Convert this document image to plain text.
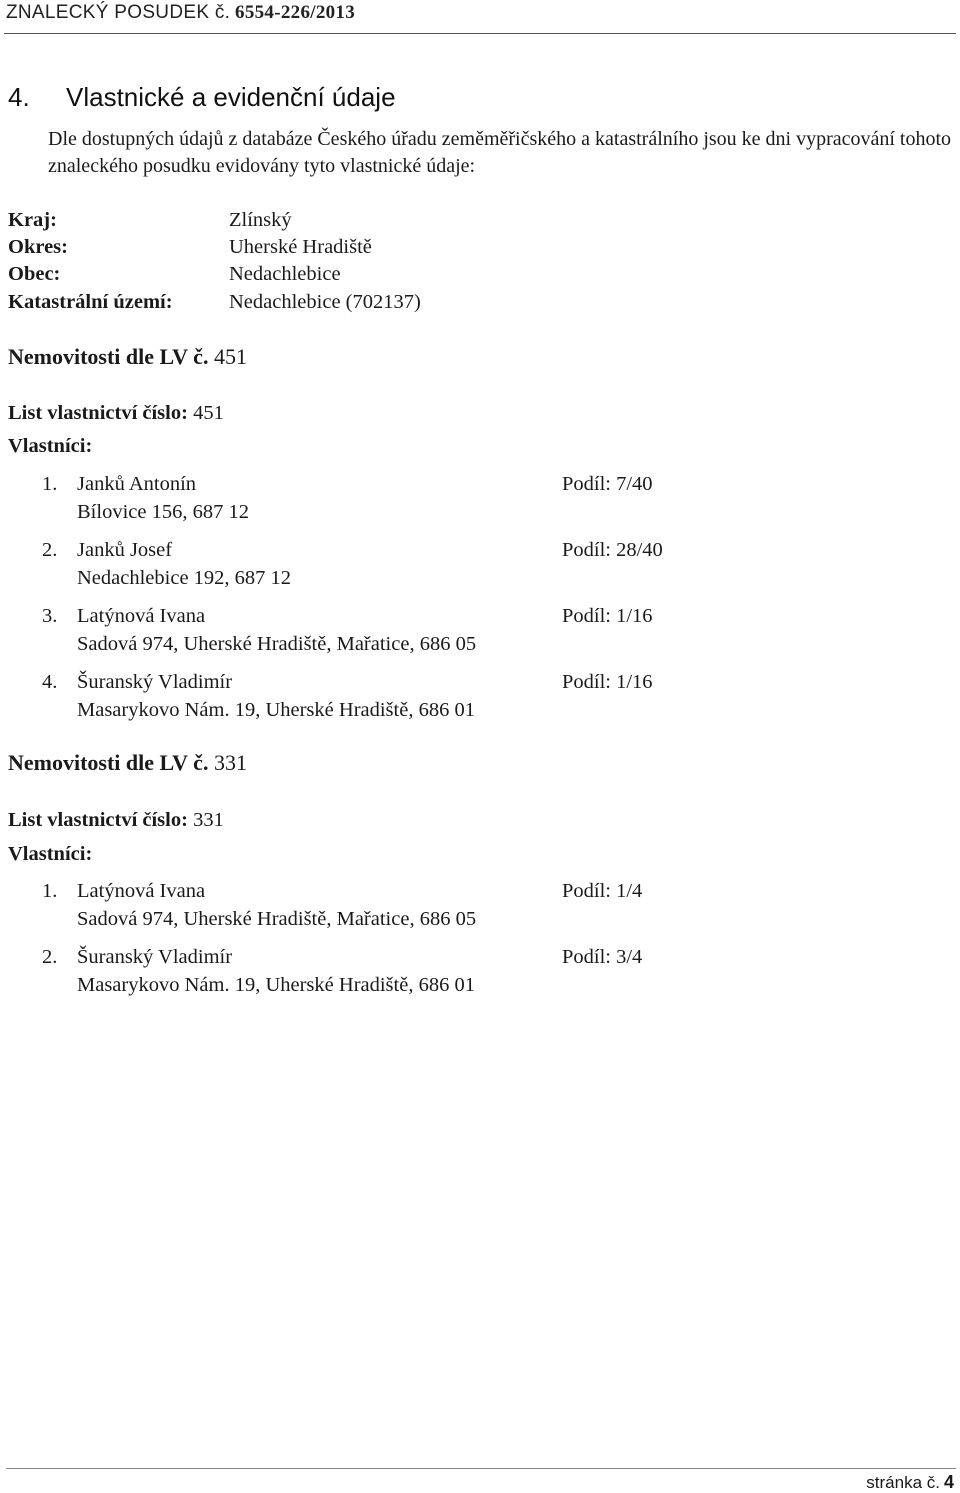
ZNALECKÝ POSUDEK č. 6554-226/2013
4. Vlastnické a evidenční údaje
Dle dostupných údajů z databáze Českého úřadu zeměměřičského a katastrálního jsou ke dni vypracování tohoto znaleckého posudku evidovány tyto vlastnické údaje:
Kraj:	Zlínský
Okres:	Uherské Hradiště
Obec:	Nedachlebice
Katastrální území:	Nedachlebice (702137)
Nemovitosti dle LV č. 451
List vlastnictví číslo: 451
Vlastníci:
1. Janků Antonín	Podíl: 7/40
Bílovice 156, 687 12
2. Janků Josef	Podíl: 28/40
Nedachlebice 192, 687 12
3. Latýnová Ivana	Podíl: 1/16
Sadová 974, Uherské Hradiště, Mařatice, 686 05
4. Šuranský Vladimír	Podíl: 1/16
Masarykovo Nám. 19, Uherské Hradiště, 686 01
Nemovitosti dle LV č. 331
List vlastnictví číslo: 331
Vlastníci:
1. Latýnová Ivana	Podíl: 1/4
Sadová 974, Uherské Hradiště, Mařatice, 686 05
2. Šuranský Vladimír	Podíl: 3/4
Masarykovo Nám. 19, Uherské Hradiště, 686 01
stránka č. 4
